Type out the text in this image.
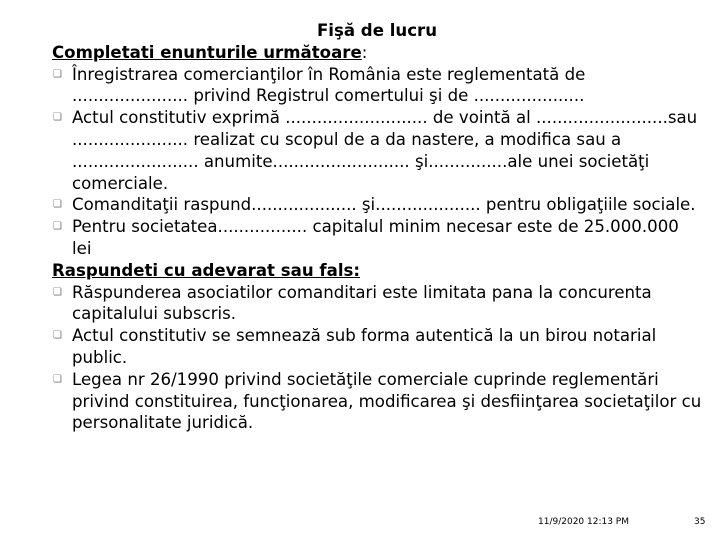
Fişă de lucru
Completati enunturile următoare:
❑ Înregistrarea comercianţilor în România este reglementată de ...................... privind Registrul comertului şi de .....................
❑ Actul constitutiv exprimă ........................... de vointă al .........................sau ...................... realizat cu scopul de a da nastere, a modifica sau a ........................ anumite.......................... şi...............ale unei societăţi comerciale.
❑ Comanditaţii raspund.................... şi.................... pentru obligaţiile sociale.
❑ Pentru societatea................. capitalul minim necesar este de 25.000.000 lei
Raspundeti cu adevarat sau fals:
❑ Răspunderea asociatilor comanditari este limitata pana la concurenta capitalului subscris.
❑ Actul constitutiv se semnează sub forma autentică la un birou notarial public.
❑ Legea nr 26/1990 privind societăţile comerciale cuprinde reglementări privind constituirea, funcţionarea, modificarea şi desfiinţarea societaţilor cu personalitate juridică.
11/9/2020 12:13 PM	35
